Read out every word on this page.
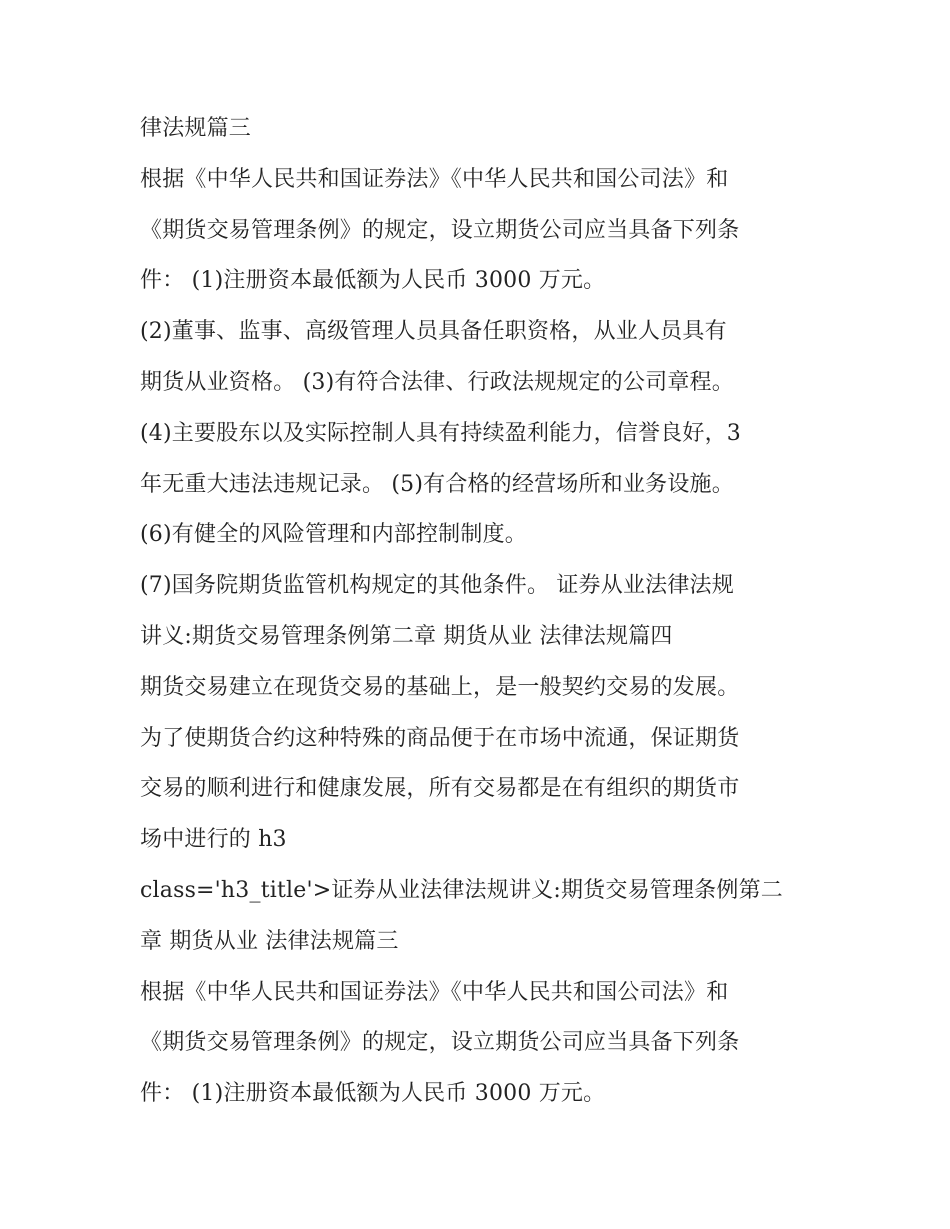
律法规篇三
根据《中华人民共和国证券法》《中华人民共和国公司法》和
《期货交易管理条例》的规定，设立期货公司应当具备下列条
件： (1)注册资本最低额为人民币 3000 万元。
(2)董事、监事、高级管理人员具备任职资格，从业人员具有
期货从业资格。 (3)有符合法律、行政法规规定的公司章程。
(4)主要股东以及实际控制人具有持续盈利能力，信誉良好，3
年无重大违法违规记录。 (5)有合格的经营场所和业务设施。
(6)有健全的风险管理和内部控制制度。
(7)国务院期货监管机构规定的其他条件。 证券从业法律法规
讲义:期货交易管理条例第二章 期货从业 法律法规篇四
期货交易建立在现货交易的基础上，是一般契约交易的发展。
为了使期货合约这种特殊的商品便于在市场中流通，保证期货
交易的顺利进行和健康发展，所有交易都是在有组织的期货市
场中进行的 h3
class='h3_title'>证券从业法律法规讲义:期货交易管理条例第二
章 期货从业 法律法规篇三
根据《中华人民共和国证券法》《中华人民共和国公司法》和
《期货交易管理条例》的规定，设立期货公司应当具备下列条
件： (1)注册资本最低额为人民币 3000 万元。
